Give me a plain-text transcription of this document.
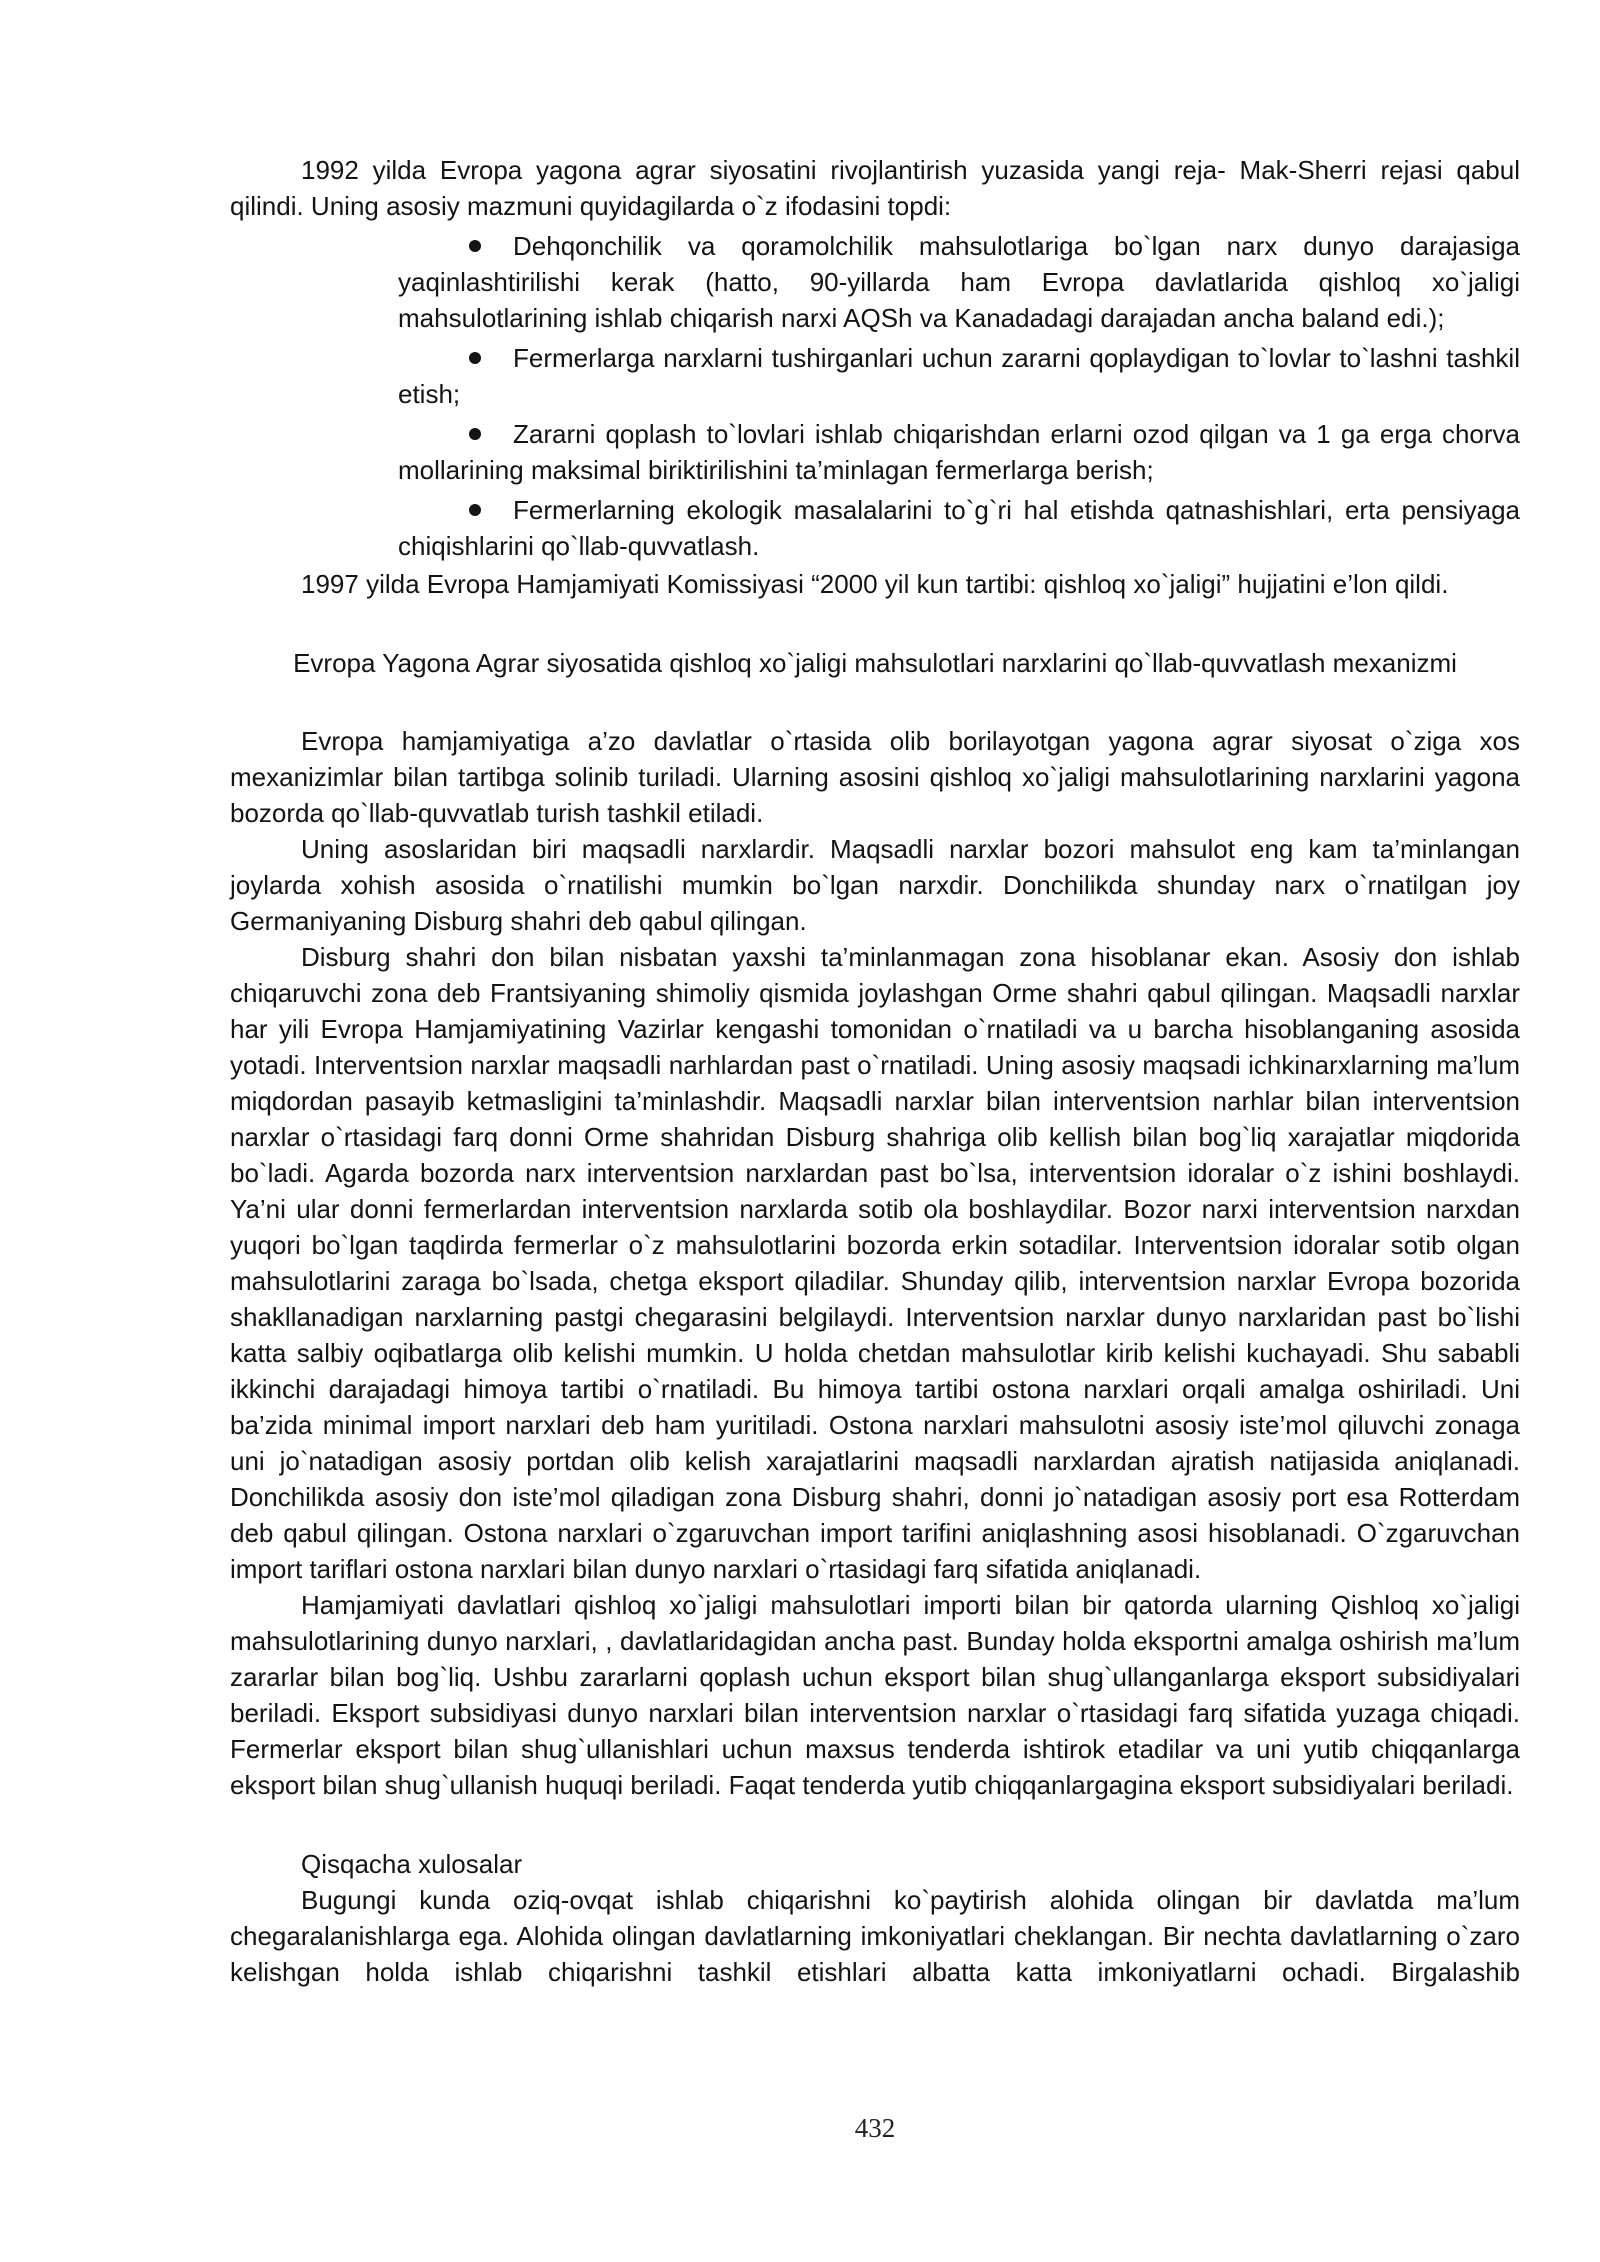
1992 yilda Evropa yagona agrar siyosatini rivojlantirish yuzasida yangi reja- Mak-Sherri rejasi qabul qilindi. Uning asosiy mazmuni quyidagilarda o`z ifodasini topdi:

Dehqonchilik va qoramolchilik mahsulotlariga bo`lgan narx dunyo darajasiga yaqinlashtirilishi kerak (hatto, 90-yillarda ham Evropa davlatlarida qishloq xo`jaligi mahsulotlarining ishlab chiqarish narxi AQSh va Kanadadagi darajadan ancha baland edi.);
Fermerlarga narxlarni tushirganlari uchun zararni qoplaydigan to`lovlar to`lashni tashkil etish;
Zararni qoplash to`lovlari ishlab chiqarishdan erlarni ozod qilgan va 1 ga erga chorva mollarining maksimal biriktirilishini ta’minlagan fermerlarga berish;
Fermerlarning ekologik masalalarini to`g`ri hal etishda qatnashishlari, erta pensiyaga chiqishlarini qo`llab-quvvatlash.

1997 yilda Evropa Hamjamiyati Komissiyasi “2000 yil kun tartibi: qishloq xo`jaligi” hujjatini e’lon qildi.

Evropa Yagona Agrar siyosatida qishloq xo`jaligi mahsulotlari narxlarini qo`llab-quvvatlash mexanizmi

Evropa hamjamiyatiga a’zo davlatlar o`rtasida olib borilayotgan yagona agrar siyosat o`ziga xos mexanizimlar bilan tartibga solinib turiladi. Ularning asosini qishloq xo`jaligi mahsulotlarining narxlarini yagona bozorda qo`llab-quvvatlab turish tashkil etiladi.

Uning asoslaridan biri maqsadli narxlardir. Maqsadli narxlar bozori mahsulot eng kam ta’minlangan joylarda xohish asosida o`rnatilishi mumkin bo`lgan narxdir. Donchilikda shunday narx o`rnatilgan joy Germaniyaning Disburg shahri deb qabul qilingan.

Disburg shahri don bilan nisbatan yaxshi ta’minlanmagan zona hisoblanar ekan. Asosiy don ishlab chiqaruvchi zona deb Frantsiyaning shimoliy qismida joylashgan Orme shahri qabul qilingan. Maqsadli narxlar har yili Evropa Hamjamiyatining Vazirlar kengashi tomonidan o`rnatiladi va u barcha hisoblanganing asosida yotadi. Interventsion narxlar maqsadli narhlardan past o`rnatiladi. Uning asosiy maqsadi ichkinarxlarning ma’lum miqdordan pasayib ketmasligini ta’minlashdir. Maqsadli narxlar bilan interventsion narhlar bilan interventsion narxlar o`rtasidagi farq donni Orme shahridan Disburg shahriga olib kellish bilan bog`liq xarajatlar miqdorida bo`ladi. Agarda bozorda narx interventsion narxlardan past bo`lsa, interventsion idoralar o`z ishini boshlaydi. Ya’ni ular donni fermerlardan interventsion narxlarda sotib ola boshlaydilar. Bozor narxi interventsion narxdan yuqori bo`lgan taqdirda fermerlar o`z mahsulotlarini bozorda erkin sotadilar. Interventsion idoralar sotib olgan mahsulotlarini zaraga bo`lsada, chetga eksport qiladilar. Shunday qilib, interventsion narxlar Evropa bozorida shakllanadigan narxlarning pastgi chegarasini belgilaydi. Interventsion narxlar dunyo narxlaridan past bo`lishi katta salbiy oqibatlarga olib kelishi mumkin. U holda chetdan mahsulotlar kirib kelishi kuchayadi. Shu sababli ikkinchi darajadagi himoya tartibi o`rnatiladi. Bu himoya tartibi ostona narxlari orqali amalga oshiriladi. Uni ba’zida minimal import narxlari deb ham yuritiladi. Ostona narxlari mahsulotni asosiy iste’mol qiluvchi zonaga uni jo`natadigan asosiy portdan olib kelish xarajatlarini maqsadli narxlardan ajratish natijasida aniqlanadi. Donchilikda asosiy don iste’mol qiladigan zona Disburg shahri, donni jo`natadigan asosiy port esa Rotterdam deb qabul qilingan. Ostona narxlari o`zgaruvchan import tarifini aniqlashning asosi hisoblanadi. O`zgaruvchan import tariflari ostona narxlari bilan dunyo narxlari o`rtasidagi farq sifatida aniqlanadi.

Hamjamiyati davlatlari qishloq xo`jaligi mahsulotlari importi bilan bir qatorda ularning Qishloq xo`jaligi mahsulotlarining dunyo narxlari, , davlatlaridagidan ancha past. Bunday holda eksportni amalga oshirish ma’lum zararlar bilan bog`liq. Ushbu zararlarni qoplash uchun eksport bilan shug`ullanganlarga eksport subsidiyalari beriladi. Eksport subsidiyasi dunyo narxlari bilan interventsion narxlar o`rtasidagi farq sifatida yuzaga chiqadi. Fermerlar eksport bilan shug`ullanishlari uchun maxsus tenderda ishtirok etadilar va uni yutib chiqqanlarga eksport bilan shug`ullanish huquqi beriladi. Faqat tenderda yutib chiqqanlargagina eksport subsidiyalari beriladi.

Qisqacha xulosalar

Bugungi kunda oziq-ovqat ishlab chiqarishni ko`paytirish alohida olingan bir davlatda ma’lum chegaralanishlarga ega. Alohida olingan davlatlarning imkoniyatlari cheklangan. Bir nechta davlatlarning o`zaro kelishgan holda ishlab chiqarishni tashkil etishlari albatta katta imkoniyatlarni ochadi. Birgalashib

432
